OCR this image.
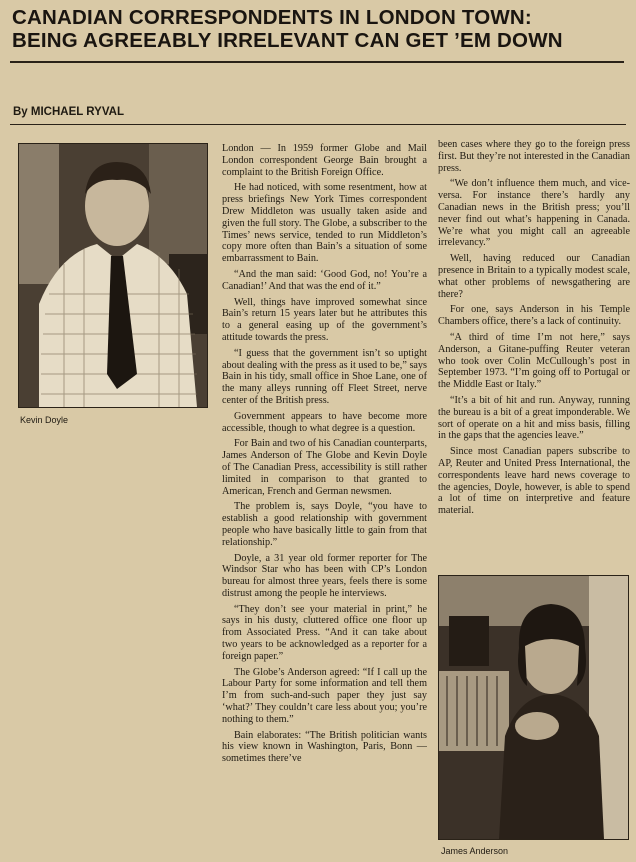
CANADIAN CORRESPONDENTS IN LONDON TOWN:
BEING AGREEABLY IRRELEVANT CAN GET ’EM DOWN
By MICHAEL RYVAL
Kevin Doyle

London — In 1959 former Globe and Mail London correspondent George Bain brought a complaint to the British Foreign Office.

He had noticed, with some resentment, how at press briefings New York Times correspondent Drew Middleton was usually taken aside and given the full story. The Globe, a subscriber to the Times’ news service, tended to run Middleton’s copy more often than Bain’s a situation of some embarrassment to Bain.

“And the man said: ‘Good God, no! You’re a Canadian!’ And that was the end of it.”

Well, things have improved somewhat since Bain’s return 15 years later but he attributes this to a general easing up of the government’s attitude towards the press.

“I guess that the government isn’t so uptight about dealing with the press as it used to be,” says Bain in his tidy, small office in Shoe Lane, one of the many alleys running off Fleet Street, nerve center of the British press.

Government appears to have become more accessible, though to what degree is a question.

For Bain and two of his Canadian counterparts, James Anderson of The Globe and Kevin Doyle of The Canadian Press, accessibility is still rather limited in comparison to that granted to American, French and German newsmen.

The problem is, says Doyle, “you have to establish a good relationship with government people who have basically little to gain from that relationship.”

Doyle, a 31 year old former reporter for The Windsor Star who has been with CP’s London bureau for almost three years, feels there is some distrust among the people he interviews.

“They don’t see your material in print,” he says in his dusty, cluttered office one floor up from Associated Press. “And it can take about two years to be acknowledged as a reporter for a foreign paper.”

The Globe’s Anderson agreed: “If I call up the Labour Party for some information and tell them I’m from such-and-such paper they just say ‘what?’ They couldn’t care less about you; you’re nothing to them.”

Bain elaborates: “The British politician wants his view known in Washington, Paris, Bonn — sometimes there’ve

been cases where they go to the foreign press first. But they’re not interested in the Canadian press.

“We don’t influence them much, and vice-versa. For instance there’s hardly any Canadian news in the British press; you’ll never find out what’s happening in Canada. We’re what you might call an agreeable irrelevancy.”

Well, having reduced our Canadian presence in Britain to a typically modest scale, what other problems of newsgathering are there?

For one, says Anderson in his Temple Chambers office, there’s a lack of continuity.

“A third of time I’m not here,” says Anderson, a Gitane-puffing Reuter veteran who took over Colin McCullough’s post in September 1973. “I’m going off to Portugal or the Middle East or Italy.”

“It’s a bit of hit and run. Anyway, running the bureau is a bit of a great imponderable. We sort of operate on a hit and miss basis, filling in the gaps that the agencies leave.”

Since most Canadian papers subscribe to AP, Reuter and United Press International, the correspondents leave hard news coverage to the agencies, Doyle, however, is able to spend a lot of time on interpretive and feature material.

James Anderson
